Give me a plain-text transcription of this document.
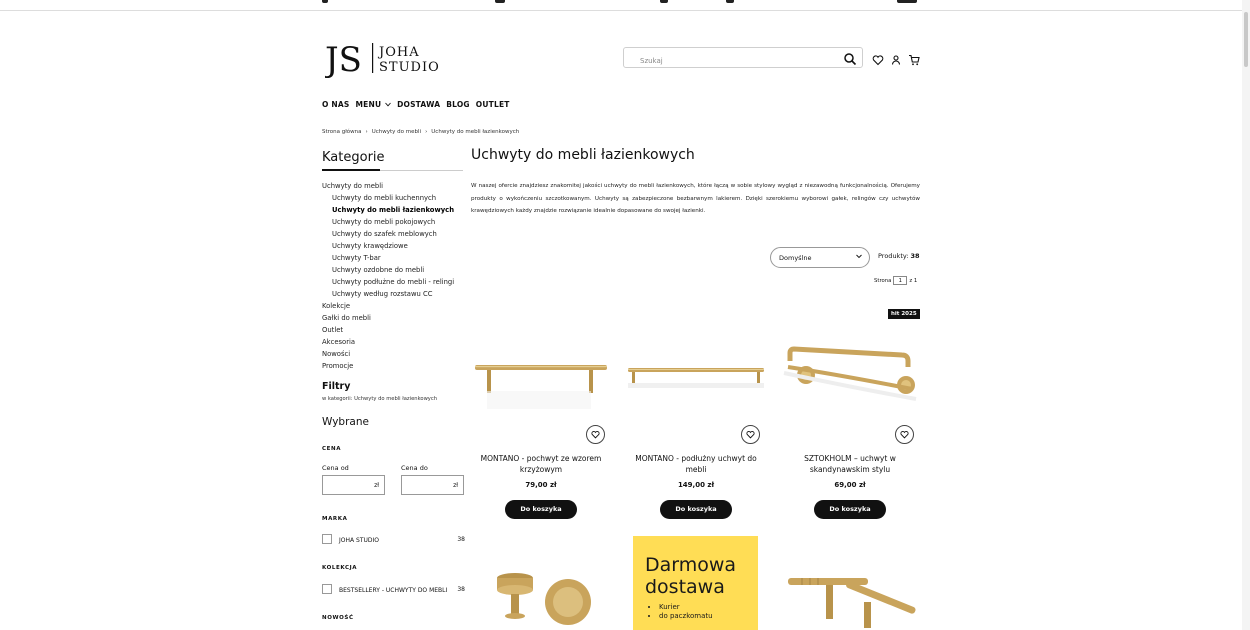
JS JOHA
STUDIO
Szukaj
O NAS MENU DOSTAWA BLOG OUTLET
Strona główna › Uchwyty do mebli › Uchwyty do mebli łazienkowych
Kategorie
Uchwyty do mebli
Uchwyty do mebli kuchennych
Uchwyty do mebli łazienkowych
Uchwyty do mebli pokojowych
Uchwyty do szafek meblowych
Uchwyty krawędziowe
Uchwyty T-bar
Uchwyty ozdobne do mebli
Uchwyty podłużne do mebli - relingi
Uchwyty według rozstawu CC
Kolekcje
Gałki do mebli
Outlet
Akcesoria
Nowości
Promocje
Filtry
w kategorii: Uchwyty do mebli łazienkowych
Wybrane
CENA
Cena od	Cena do
zł	zł
MARKA
JOHA STUDIO	38
KOLEKCJA
BESTSELLERY - UCHWYTY DO MEBLI 38
NOWOŚĆ
Uchwyty do mebli łazienkowych
W naszej ofercie znajdziesz znakomitej jakości uchwyty do mebli łazienkowych, które łączą w sobie stylowy wygląd z niezawodną funkcjonalnością. Oferujemy produkty o wykończeniu szczotkowanym. Uchwyty są zabezpieczone bezbarwnym lakierem. Dzięki szerokiemu wyborowi gałek, relingów czy uchwytów krawędziowych każdy znajdzie rozwiązanie idealnie dopasowane do swojej łazienki.
Domyślne	Produkty: 38
Strona 1 z 1
hit 2025
MONTANO - pochwyt ze wzorem krzyżowym
79,00 zł
Do koszyka
MONTANO - podłużny uchwyt do mebli
149,00 zł
Do koszyka
SZTOKHOLM – uchwyt w skandynawskim stylu
69,00 zł
Do koszyka
Darmowa dostawa
• Kurier
• do paczkomatu
